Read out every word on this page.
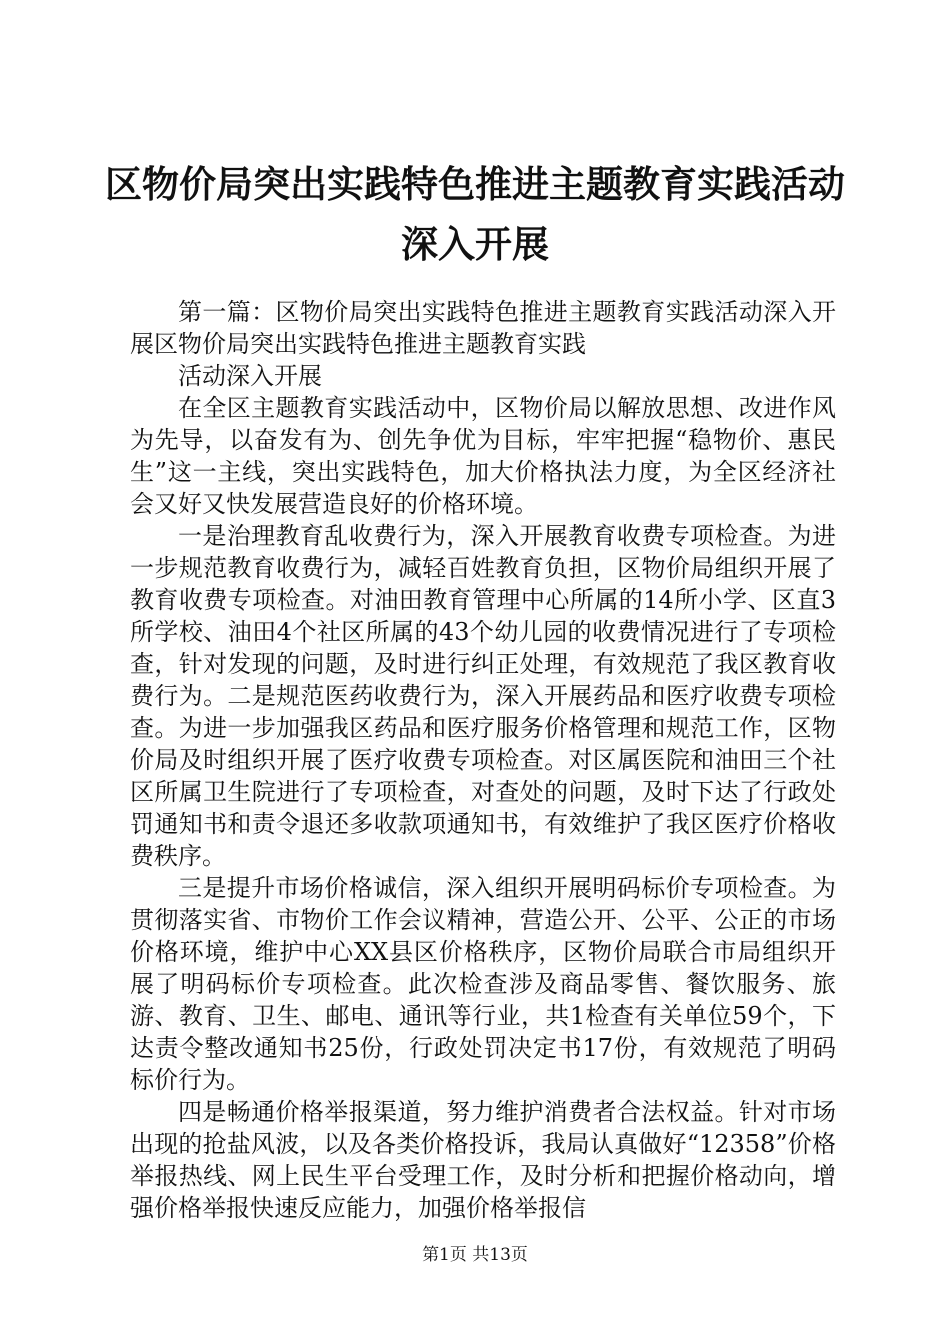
区物价局突出实践特色推进主题教育实践活动
深入开展

第一篇：区物价局突出实践特色推进主题教育实践活动深入开展区物价局突出实践特色推进主题教育实践

活动深入开展

在全区主题教育实践活动中，区物价局以解放思想、改进作风为先导，以奋发有为、创先争优为目标，牢牢把握“稳物价、惠民生”这一主线，突出实践特色，加大价格执法力度，为全区经济社会又好又快发展营造良好的价格环境。

一是治理教育乱收费行为，深入开展教育收费专项检查。为进一步规范教育收费行为，减轻百姓教育负担，区物价局组织开展了教育收费专项检查。对油田教育管理中心所属的14所小学、区直3所学校、油田4个社区所属的43个幼儿园的收费情况进行了专项检查，针对发现的问题，及时进行纠正处理，有效规范了我区教育收费行为。二是规范医药收费行为，深入开展药品和医疗收费专项检查。为进一步加强我区药品和医疗服务价格管理和规范工作，区物价局及时组织开展了医疗收费专项检查。对区属医院和油田三个社区所属卫生院进行了专项检查，对查处的问题，及时下达了行政处罚通知书和责令退还多收款项通知书，有效维护了我区医疗价格收费秩序。

三是提升市场价格诚信，深入组织开展明码标价专项检查。为贯彻落实省、市物价工作会议精神，营造公开、公平、公正的市场价格环境，维护中心XX县区价格秩序，区物价局联合市局组织开展了明码标价专项检查。此次检查涉及商品零售、餐饮服务、旅游、教育、卫生、邮电、通讯等行业，共1检查有关单位59个，下达责令整改通知书25份，行政处罚决定书17份，有效规范了明码标价行为。

四是畅通价格举报渠道，努力维护消费者合法权益。针对市场出现的抢盐风波，以及各类价格投诉，我局认真做好“12358”价格举报热线、网上民生平台受理工作，及时分析和把握价格动向，增强价格举报快速反应能力，加强价格举报信

第1页 共13页
